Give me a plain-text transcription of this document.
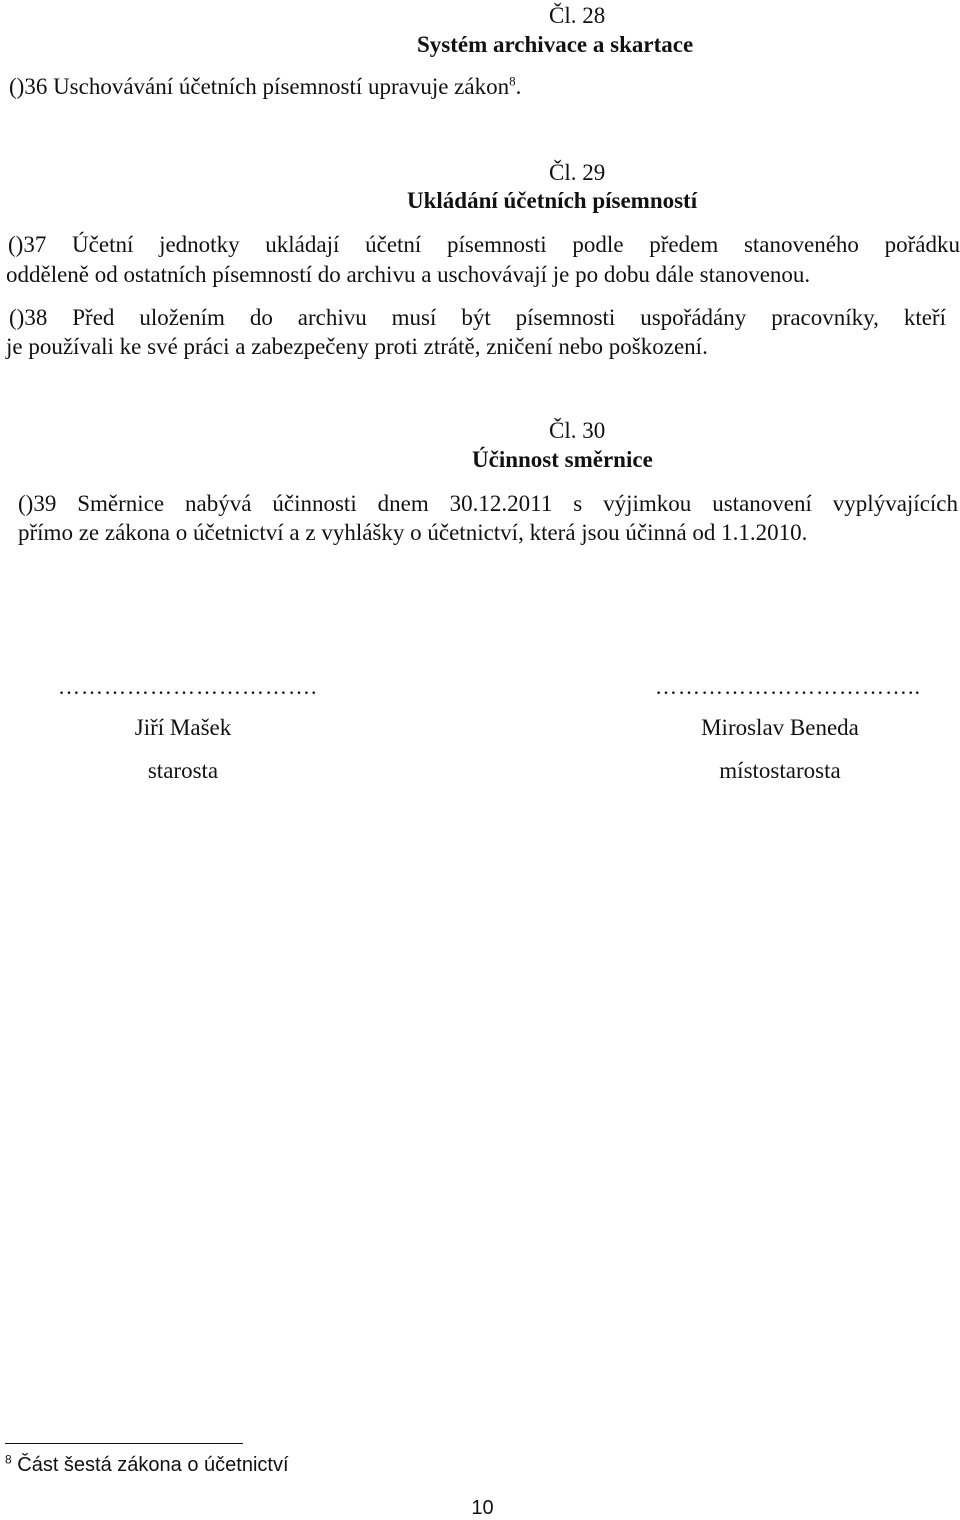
Čl. 28
Systém archivace a skartace
()36 Uschovávání účetních písemností upravuje zákon$^8$.
Čl. 29
Ukládání účetních písemností
()37 Účetní jednotky ukládají účetní písemnosti podle předem stanoveného pořádku
odděleně od ostatních písemností do archivu a uschovávají je po dobu dále stanovenou.
()38 Před uložením do archivu musí být písemnosti uspořádány pracovníky, kteří
je používali ke své práci a zabezpečeny proti ztrátě, zničení nebo poškození.
Čl. 30
Účinnost směrnice
()39 Směrnice nabývá účinnosti dnem 30.12.2011 s výjimkou ustanovení vyplývajících
přímo ze zákona o účetnictví a z vyhlášky o účetnictví, která jsou účinná od 1.1.2010.
…………………………….
Jiří Mašek
starosta
……………………………..
Miroslav Beneda
místostarosta
$^8$ Část šestá zákona o účetnictví
10
